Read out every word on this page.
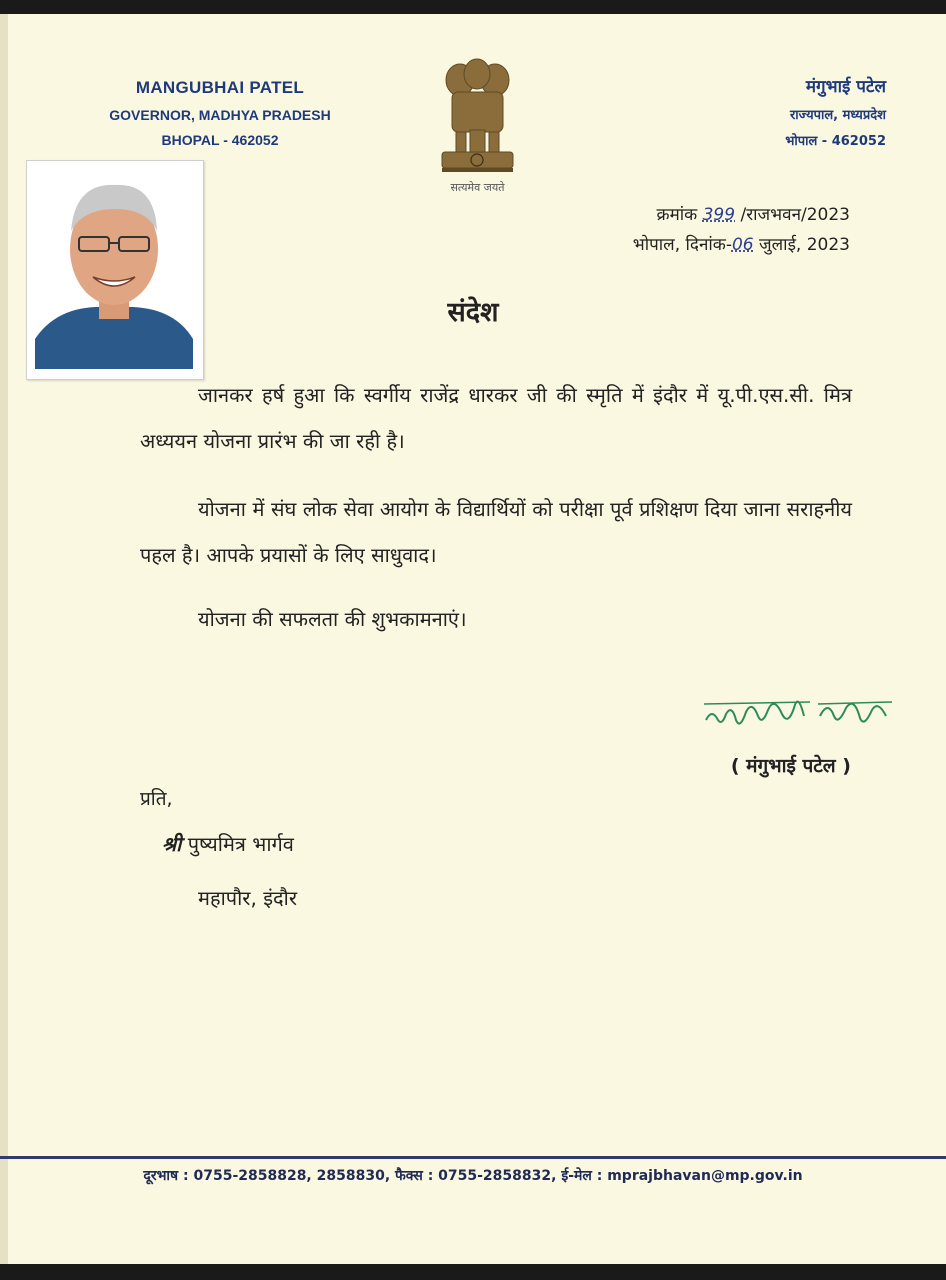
MANGUBHAI PATEL
GOVERNOR, MADHYA PRADESH
BHOPAL - 462052
सत्यमेव जयते
मंगुभाई पटेल
राज्यपाल, मध्यप्रदेश
भोपाल - 462052
क्रमांक 399 /राजभवन/2023
भोपाल, दिनांक-06 जुलाई, 2023
संदेश
जानकर हर्ष हुआ कि स्वर्गीय राजेंद्र धारकर जी की स्मृति में इंदौर में यू.पी.एस.सी. मित्र अध्ययन योजना प्रारंभ की जा रही है।
योजना में संघ लोक सेवा आयोग के विद्यार्थियों को परीक्षा पूर्व प्रशिक्षण दिया जाना सराहनीय पहल है। आपके प्रयासों के लिए साधुवाद।
योजना की सफलता की शुभकामनाएं।
( मंगुभाई पटेल )
प्रति,
श्री पुष्यमित्र भार्गव
महापौर, इंदौर
दूरभाष : 0755-2858828, 2858830, फैक्स : 0755-2858832, ई-मेल : mprajbhavan@mp.gov.in
